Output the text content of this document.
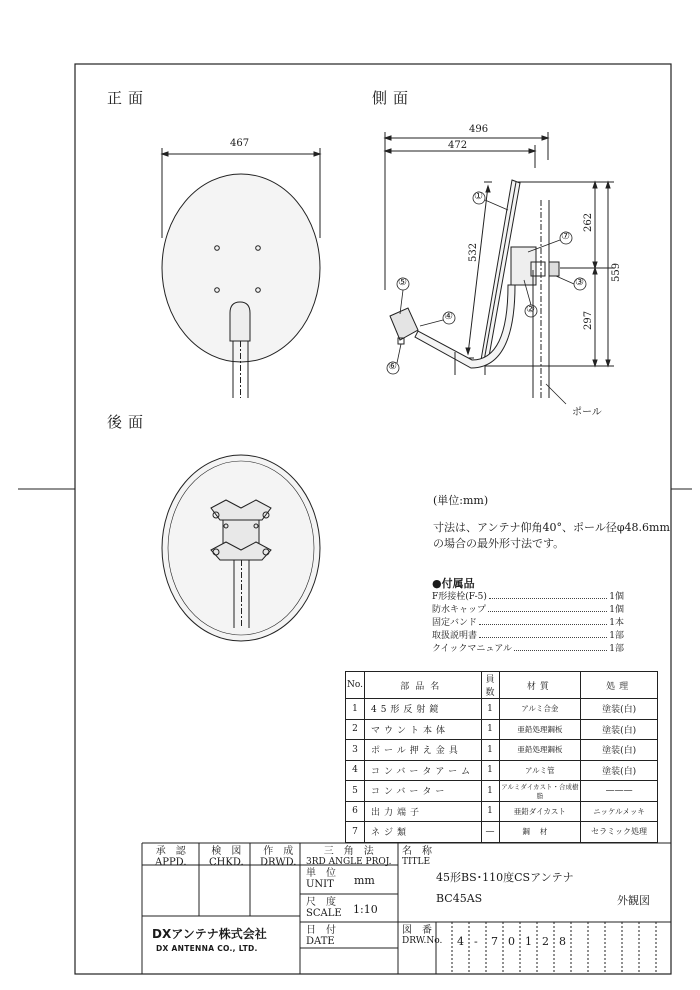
正面	側面
後面
467
496
472
532
262
297
559
①
⑦
③
②
⑤
④
⑥
ポール
(単位:mm)
寸法は、アンテナ仰角40°、ポール径φ48.6mm
の場合の最外形寸法です。
●付属品
F形接栓(F-5)	1個
防水キャップ	1個
固定バンド	1本
取扱説明書	1部
クイックマニュアル	1部
No.	部品名	員数	材質	処理
1	45形反射鏡	1	アルミ合金	塗装(白)
2	マウント本体	1	亜鉛処理鋼板	塗装(白)
3	ポール押え金具	1	亜鉛処理鋼板	塗装(白)
4	コンバータアーム	1	アルミ管	塗装(白)
5	コンバーター	1	アルミダイカスト・合成樹脂	———
6	出力端子	1	亜鉛ダイカスト	ニッケルメッキ
7	ネジ類	—	鋼材	セラミック処理
承　認
APPD.
検　図
CHKD.
作　成
DRWD.
三　角　法
3RD ANGLE PROJ.
単　位
UNIT mm
尺　度
SCALE 1:10
日　付
DATE
名　称
TITLE
45形BS･110度CSアンテナ
BC45AS	外観図
図　番
DRW.No. 4 - 7 0 1 2 8
DXアンテナ株式会社
DX ANTENNA CO., LTD.
